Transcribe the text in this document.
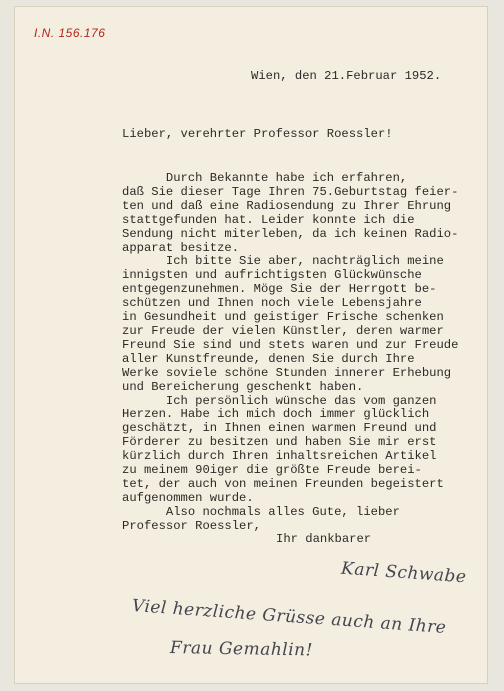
I.N. 156.176
Wien, den 21.Februar 1952.
Lieber, verehrter Professor Roessler!
Durch Bekannte habe ich erfahren,
daß Sie dieser Tage Ihren 75.Geburtstag feier-
ten und daß eine Radiosendung zu Ihrer Ehrung
stattgefunden hat. Leider konnte ich die
Sendung nicht miterleben, da ich keinen Radio-
apparat besitze.
Ich bitte Sie aber, nachträglich meine
innigsten und aufrichtigsten Glückwünsche
entgegenzunehmen. Möge Sie der Herrgott be-
schützen und Ihnen noch viele Lebensjahre
in Gesundheit und geistiger Frische schenken
zur Freude der vielen Künstler, deren warmer
Freund Sie sind und stets waren und zur Freude
aller Kunstfreunde, denen Sie durch Ihre
Werke soviele schöne Stunden innerer Erhebung
und Bereicherung geschenkt haben.
Ich persönlich wünsche das vom ganzen
Herzen. Habe ich mich doch immer glücklich
geschätzt, in Ihnen einen warmen Freund und
Förderer zu besitzen und haben Sie mir erst
kürzlich durch Ihren inhaltsreichen Artikel
zu meinem 90iger die größte Freude berei-
tet, der auch von meinen Freunden begeistert
aufgenommen wurde.
Also nochmals alles Gute, lieber
Professor Roessler,
Ihr dankbarer
Karl Schwabe
Viel herzliche Grüsse auch an Ihre
Frau Gemahlin!
